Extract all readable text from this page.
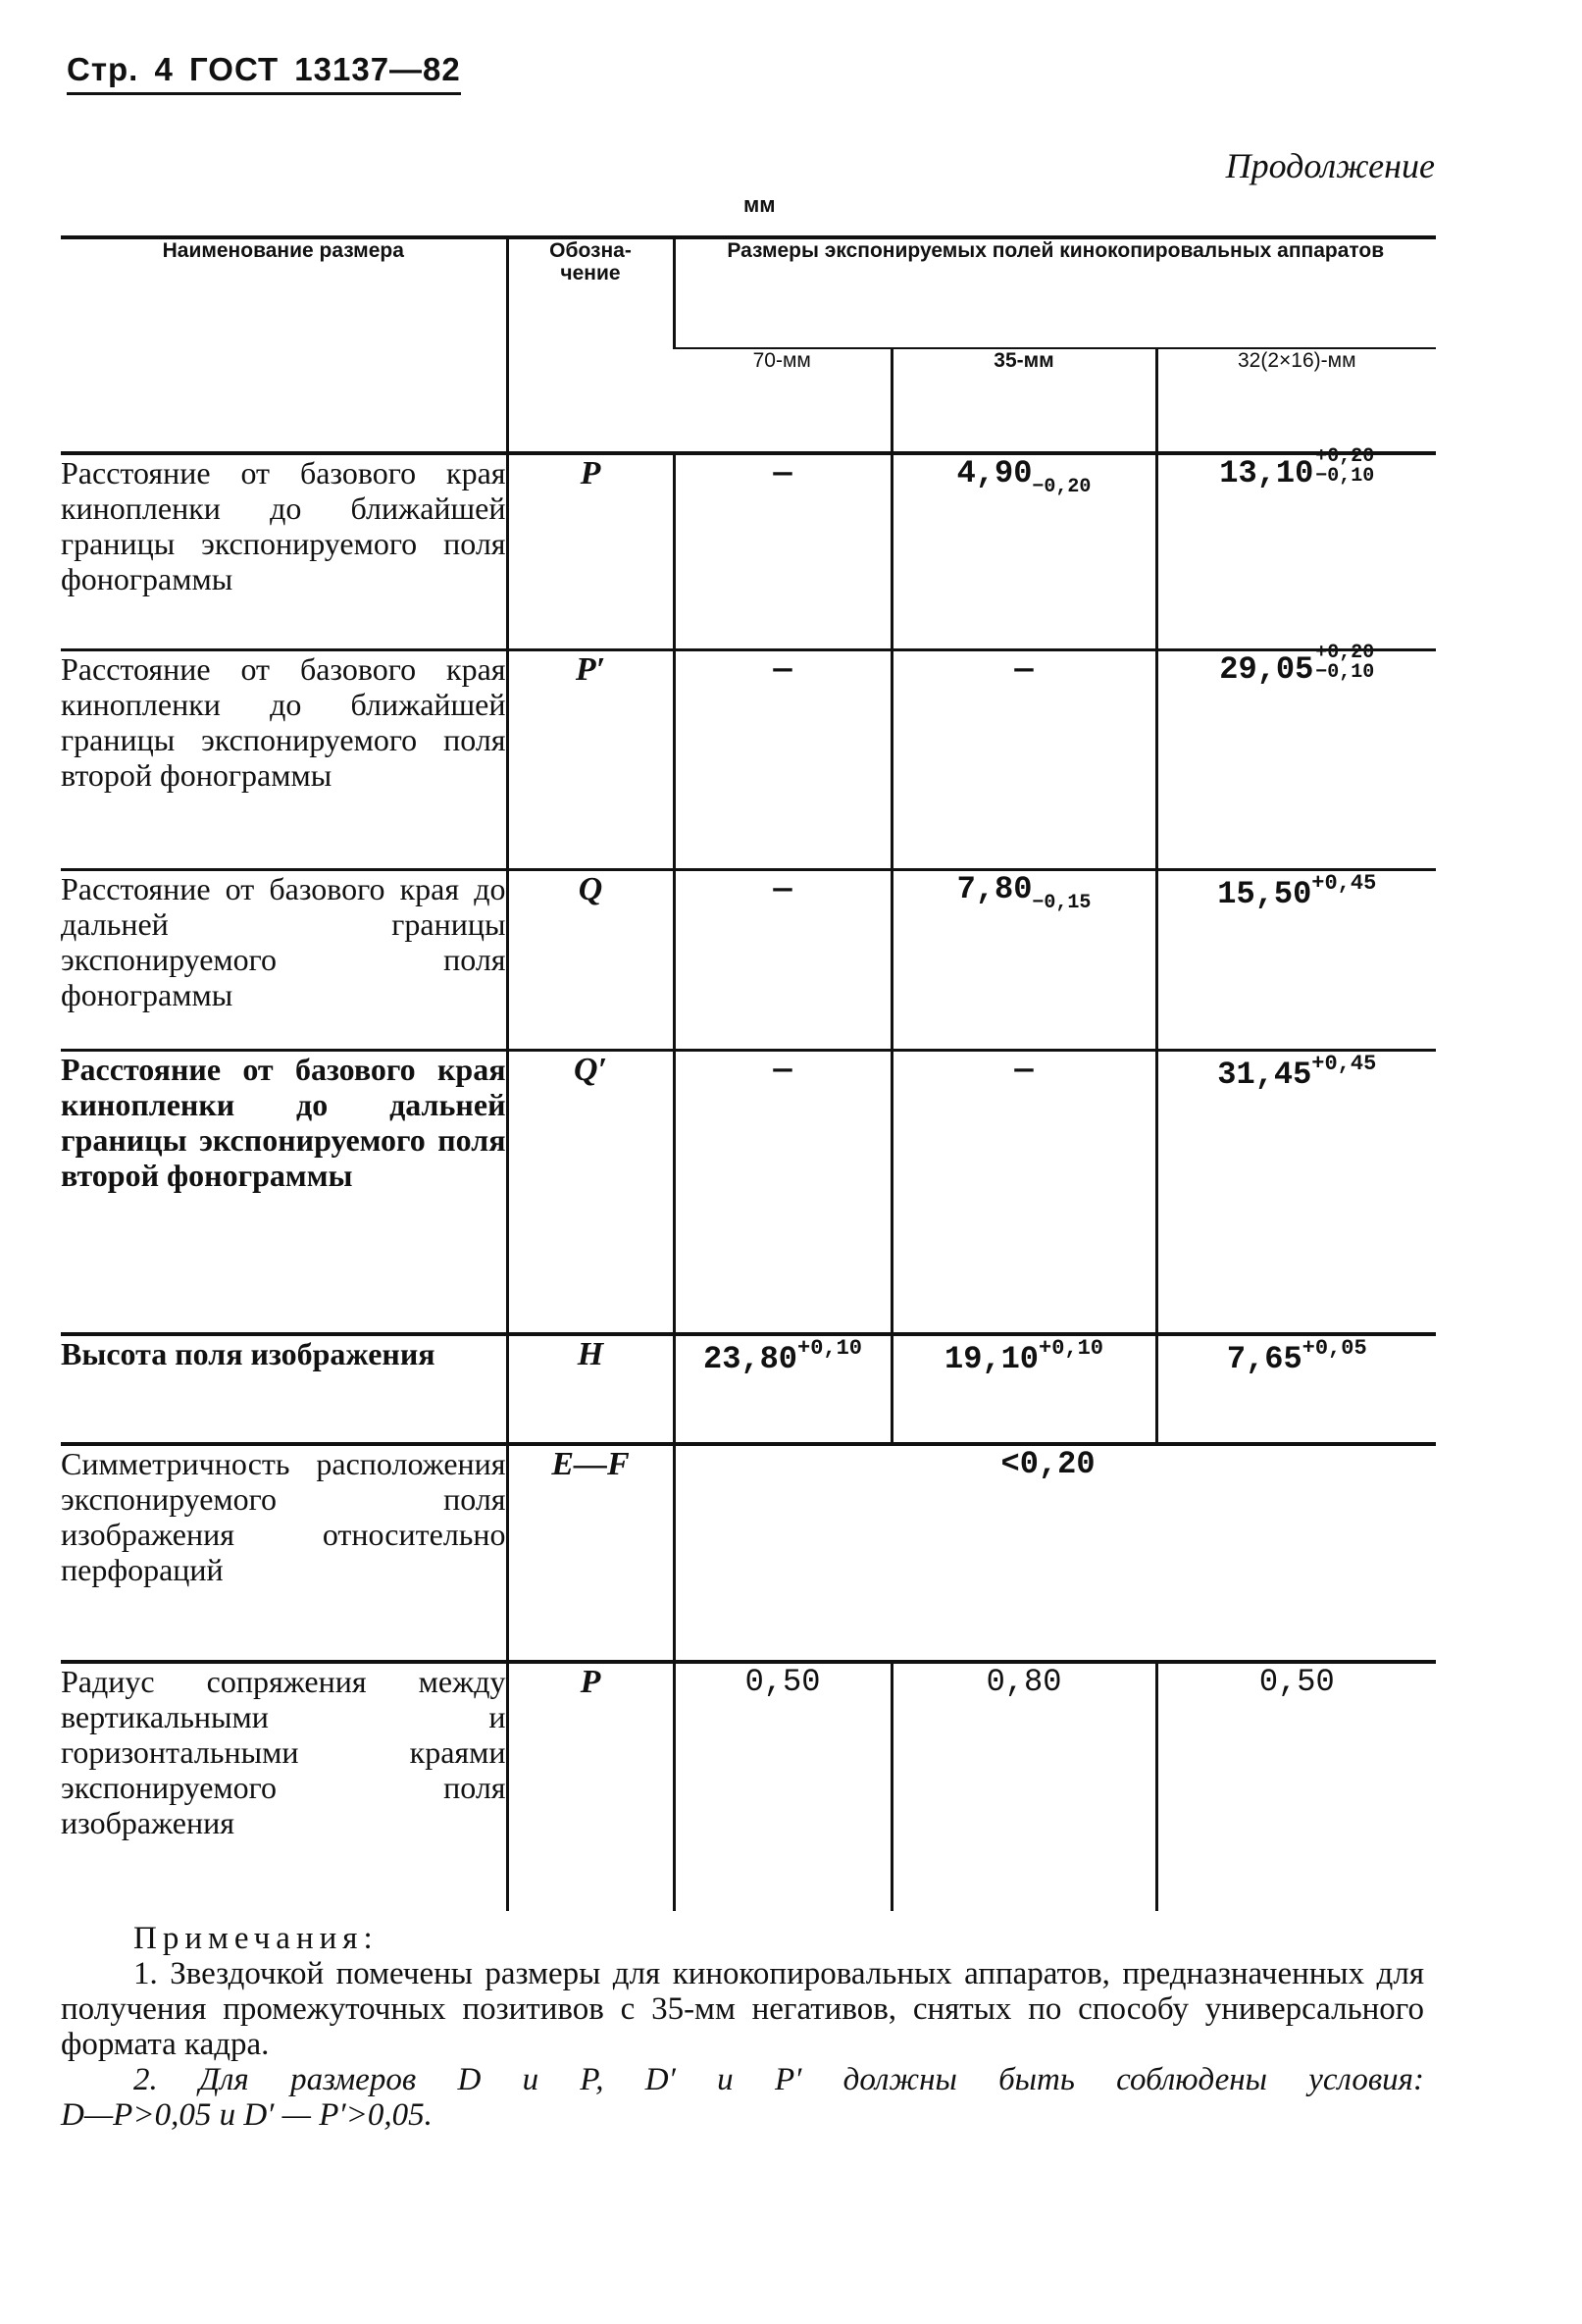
Стр. 4 ГОСТ 13137—82
Продолжение
мм
Наименование размера	Обозна-чение	Размеры экспонируемых полей кинокопировальных аппаратов		
		70-мм	35-мм	32(2×16)-мм
Расстояние от базового края кинопленки до ближайшей границы экспонируемого поля фонограммы	P	—	$4,90_{-0,20}$	13,10 +0,20
−0,10

Расстояние от базового края кинопленки до ближайшей границы экспонируемого поля второй фонограммы	P′	—	—	29,05 +0,20
−0,10

Расстояние от базового края до дальней границы экспонируемого поля фонограммы	Q	—	$7,80_{-0,15}$	$15,50^{+0,45}$
Расстояние от базового края кинопленки до дальней границы экспонируемого поля второй фонограммы	Q′	—	—	$31,45^{+0,45}$
Высота поля изображения	H	$23,80^{+0,10}$	$19,10^{+0,10}$	$7,65^{+0,05}$
Симметричность расположения экспонируемого поля изображения относительно перфораций	E—F	<0,20		
Радиус сопряжения между вертикальными и горизонтальными краями экспонируемого поля изображения	P	0,50	0,80	0,50
Примечания:
1. Звездочкой помечены размеры для кинокопировальных аппаратов, предназначенных для получения промежуточных позитивов с 35-мм негативов, снятых по способу универсального формата кадра.
2. Для размеров D и P, D′ и P′ должны быть соблюдены условия:
D—P>0,05 и D′ — P′>0,05.
